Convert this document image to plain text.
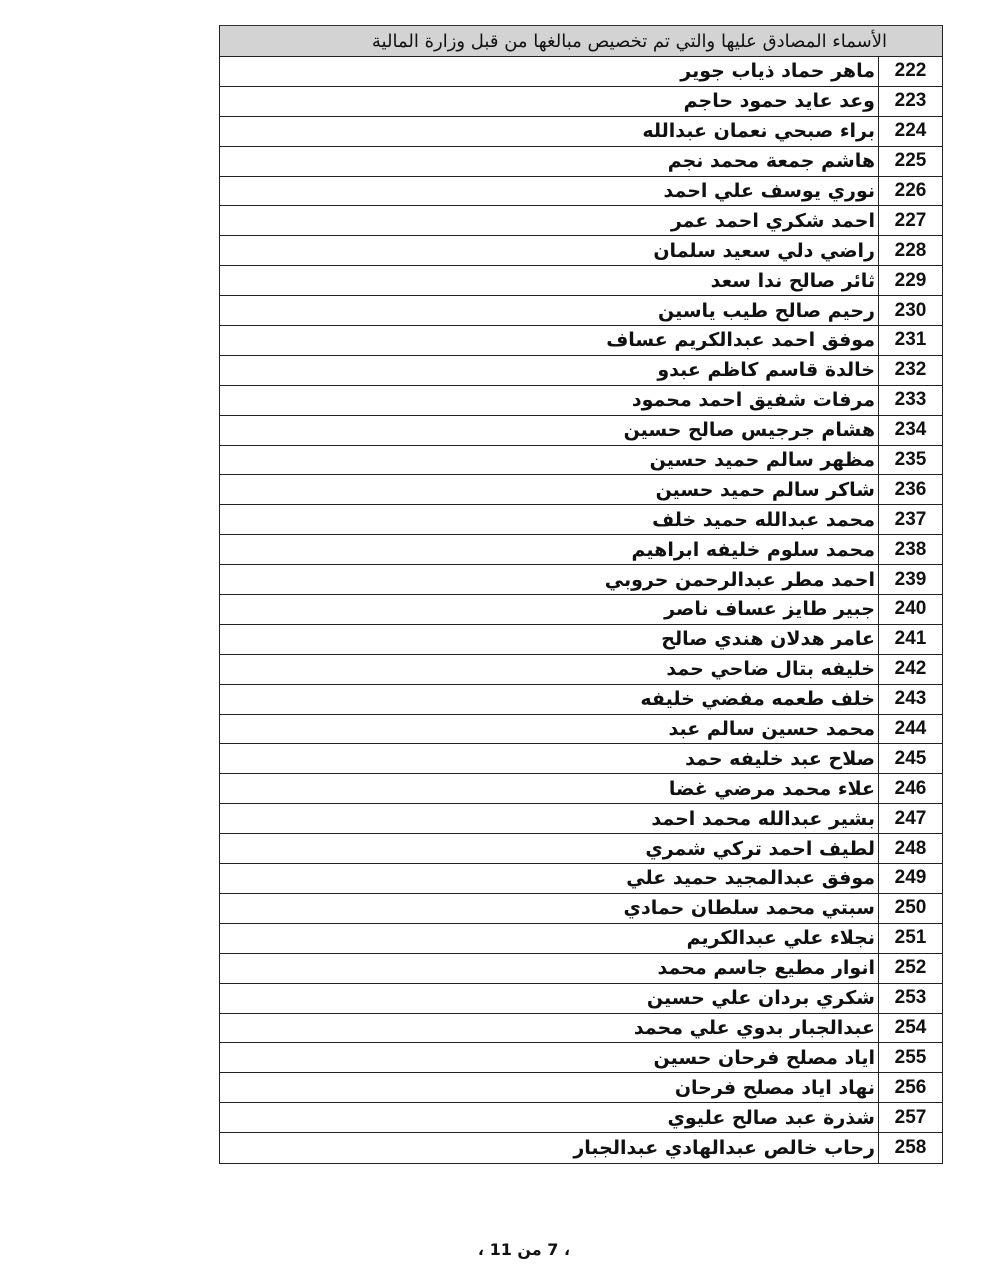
الأسماء المصادق عليها والتي تم تخصيص مبالغها من قبل وزارة المالية
222
ماهر حماد ذياب جوير
223
وعد عايد حمود حاجم
224
براء صبحي نعمان عبدالله
225
هاشم جمعة محمد نجم
226
نوري يوسف علي احمد
227
احمد شكري احمد عمر
228
راضي دلي سعيد سلمان
229
ثائر صالح ندا سعد
230
رحيم صالح طيب ياسين
231
موفق احمد عبدالكريم عساف
232
خالدة قاسم كاظم عبدو
233
مرفات شفيق احمد محمود
234
هشام جرجيس صالح حسين
235
مظهر سالم حميد حسين
236
شاكر سالم حميد حسين
237
محمد عبدالله حميد خلف
238
محمد سلوم خليفه ابراهيم
239
احمد مطر عبدالرحمن حروبي
240
جبير طايز عساف ناصر
241
عامر هدلان هندي صالح
242
خليفه بتال ضاحي حمد
243
خلف طعمه مفضي خليفه
244
محمد حسين سالم عبد
245
صلاح عبد خليفه حمد
246
علاء محمد مرضي غضا
247
بشير عبدالله محمد احمد
248
لطيف احمد تركي شمري
249
موفق عبدالمجيد حميد علي
250
سبتي محمد سلطان حمادي
251
نجلاء علي عبدالكريم
252
انوار مطيع جاسم محمد
253
شكري بردان علي حسين
254
عبدالجبار بدوي علي محمد
255
اياد مصلح فرحان حسين
256
نهاد اياد مصلح فرحان
257
شذرة عبد صالح عليوي
258
رحاب خالص عبدالهادي عبدالجبار
، 7 من 11 ،
